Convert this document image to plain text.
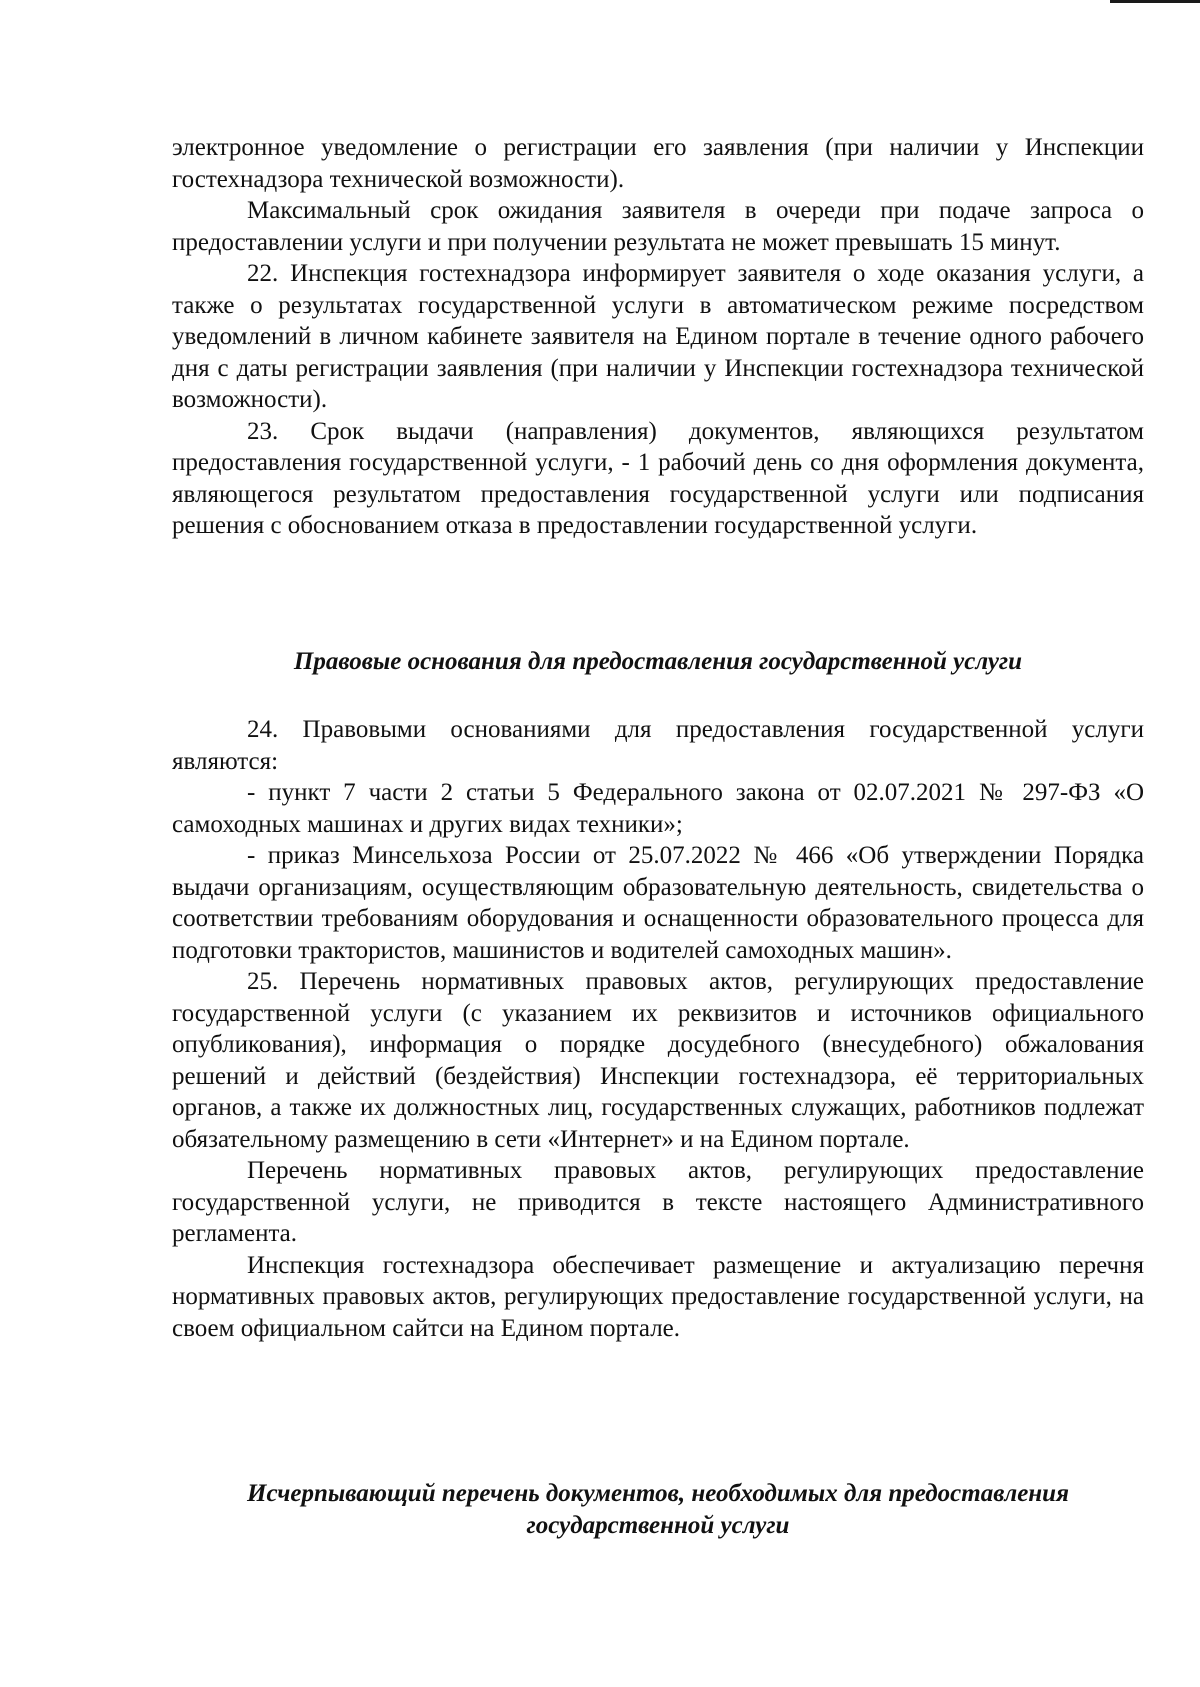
электронное уведомление о регистрации его заявления (при наличии у Инспекции гостехнадзора технической возможности).

Максимальный срок ожидания заявителя в очереди при подаче запроса о предоставлении услуги и при получении результата не может превышать 15 минут.

22. Инспекция гостехнадзора информирует заявителя о ходе оказания услуги, а также о результатах государственной услуги в автоматическом режиме посредством уведомлений в личном кабинете заявителя на Едином портале в течение одного рабочего дня с даты регистрации заявления (при наличии у Инспекции гостехнадзора технической возможности).

23. Срок выдачи (направления) документов, являющихся результатом предоставления государственной услуги, - 1 рабочий день со дня оформления документа, являющегося результатом предоставления государственной услуги или подписания решения с обоснованием отказа в предоставлении государственной услуги.

Правовые основания для предоставления государственной услуги

24. Правовыми основаниями для предоставления государственной услуги являются:

- пункт 7 части 2 статьи 5 Федерального закона от 02.07.2021 № 297-ФЗ «О самоходных машинах и других видах техники»;

- приказ Минсельхоза России от 25.07.2022 № 466 «Об утверждении Порядка выдачи организациям, осуществляющим образовательную деятельность, свидетельства о соответствии требованиям оборудования и оснащенности образовательного процесса для подготовки трактористов, машинистов и водителей самоходных машин».

25. Перечень нормативных правовых актов, регулирующих предоставление государственной услуги (с указанием их реквизитов и источников официального опубликования), информация о порядке досудебного (внесудебного) обжалования решений и действий (бездействия) Инспекции гостехнадзора, её территориальных органов, а также их должностных лиц, государственных служащих, работников подлежат обязательному размещению в сети «Интернет» и на Едином портале.

Перечень нормативных правовых актов, регулирующих предоставление государственной услуги, не приводится в тексте настоящего Административного регламента.

Инспекция гостехнадзора обеспечивает размещение и актуализацию перечня нормативных правовых актов, регулирующих предоставление государственной услуги, на своем официальном сайтси на Едином портале.

Исчерпывающий перечень документов, необходимых для предоставления государственной услуги
